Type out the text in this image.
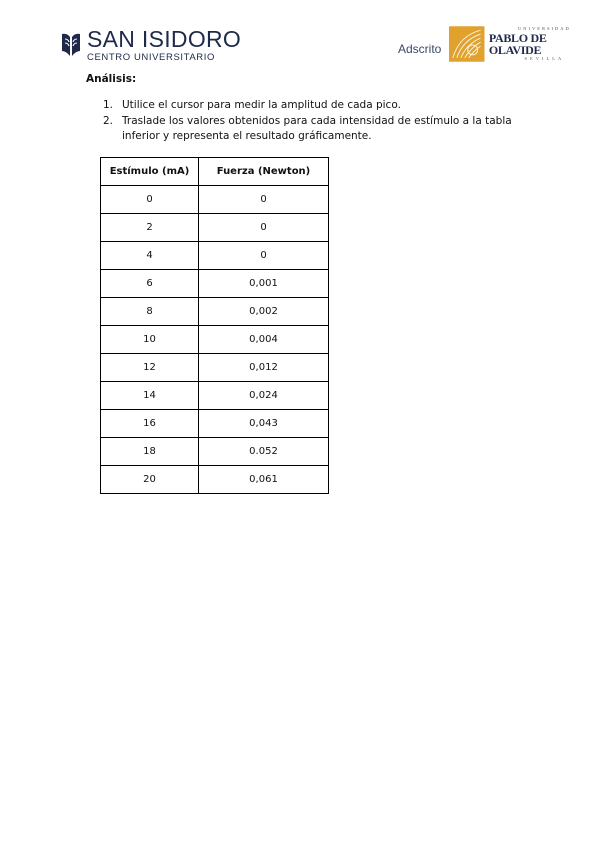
SAN ISIDORO
CENTRO UNIVERSITARIO
Adscrito
UNIVERSIDAD
PABLO DE OLAVIDE
SEVILLA

Análisis:

1. Utilice el cursor para medir la amplitud de cada pico.
2. Traslade los valores obtenidos para cada intensidad de estímulo a la tabla inferior y representa el resultado gráficamente.
Estímulo (mA)	Fuerza (Newton)
0	0
2	0
4	0
6	0,001
8	0,002
10	0,004
12	0,012
14	0,024
16	0,043
18	0.052
20	0,061
